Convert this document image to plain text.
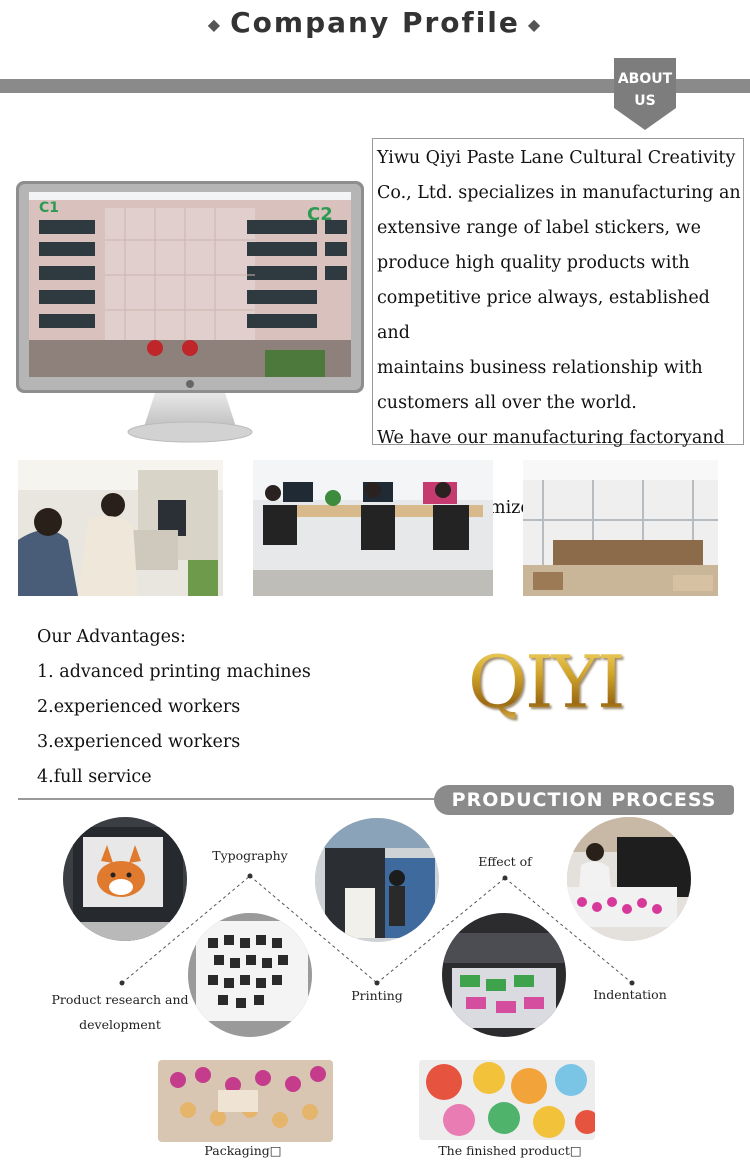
◆ Company Profile ◆
ABOUT
US
C1	C2

Yiwu Qiyi Paste Lane Cultural Creativity

Co., Ltd. specializes in manufacturing an

extensive range of label stickers, we

produce high quality products with

competitive price always, established and

maintains business relationship with

customers all over the world.

We have our manufacturing factoryand

Our Advantages:
1. advanced printing machines
2.experienced workers
3.experienced workers
4.full service
QIYI
PRODUCTION PROCESS
Typography	Effect of
Product research and
development
Printing	Indentation
Packaging□	The finished product□
